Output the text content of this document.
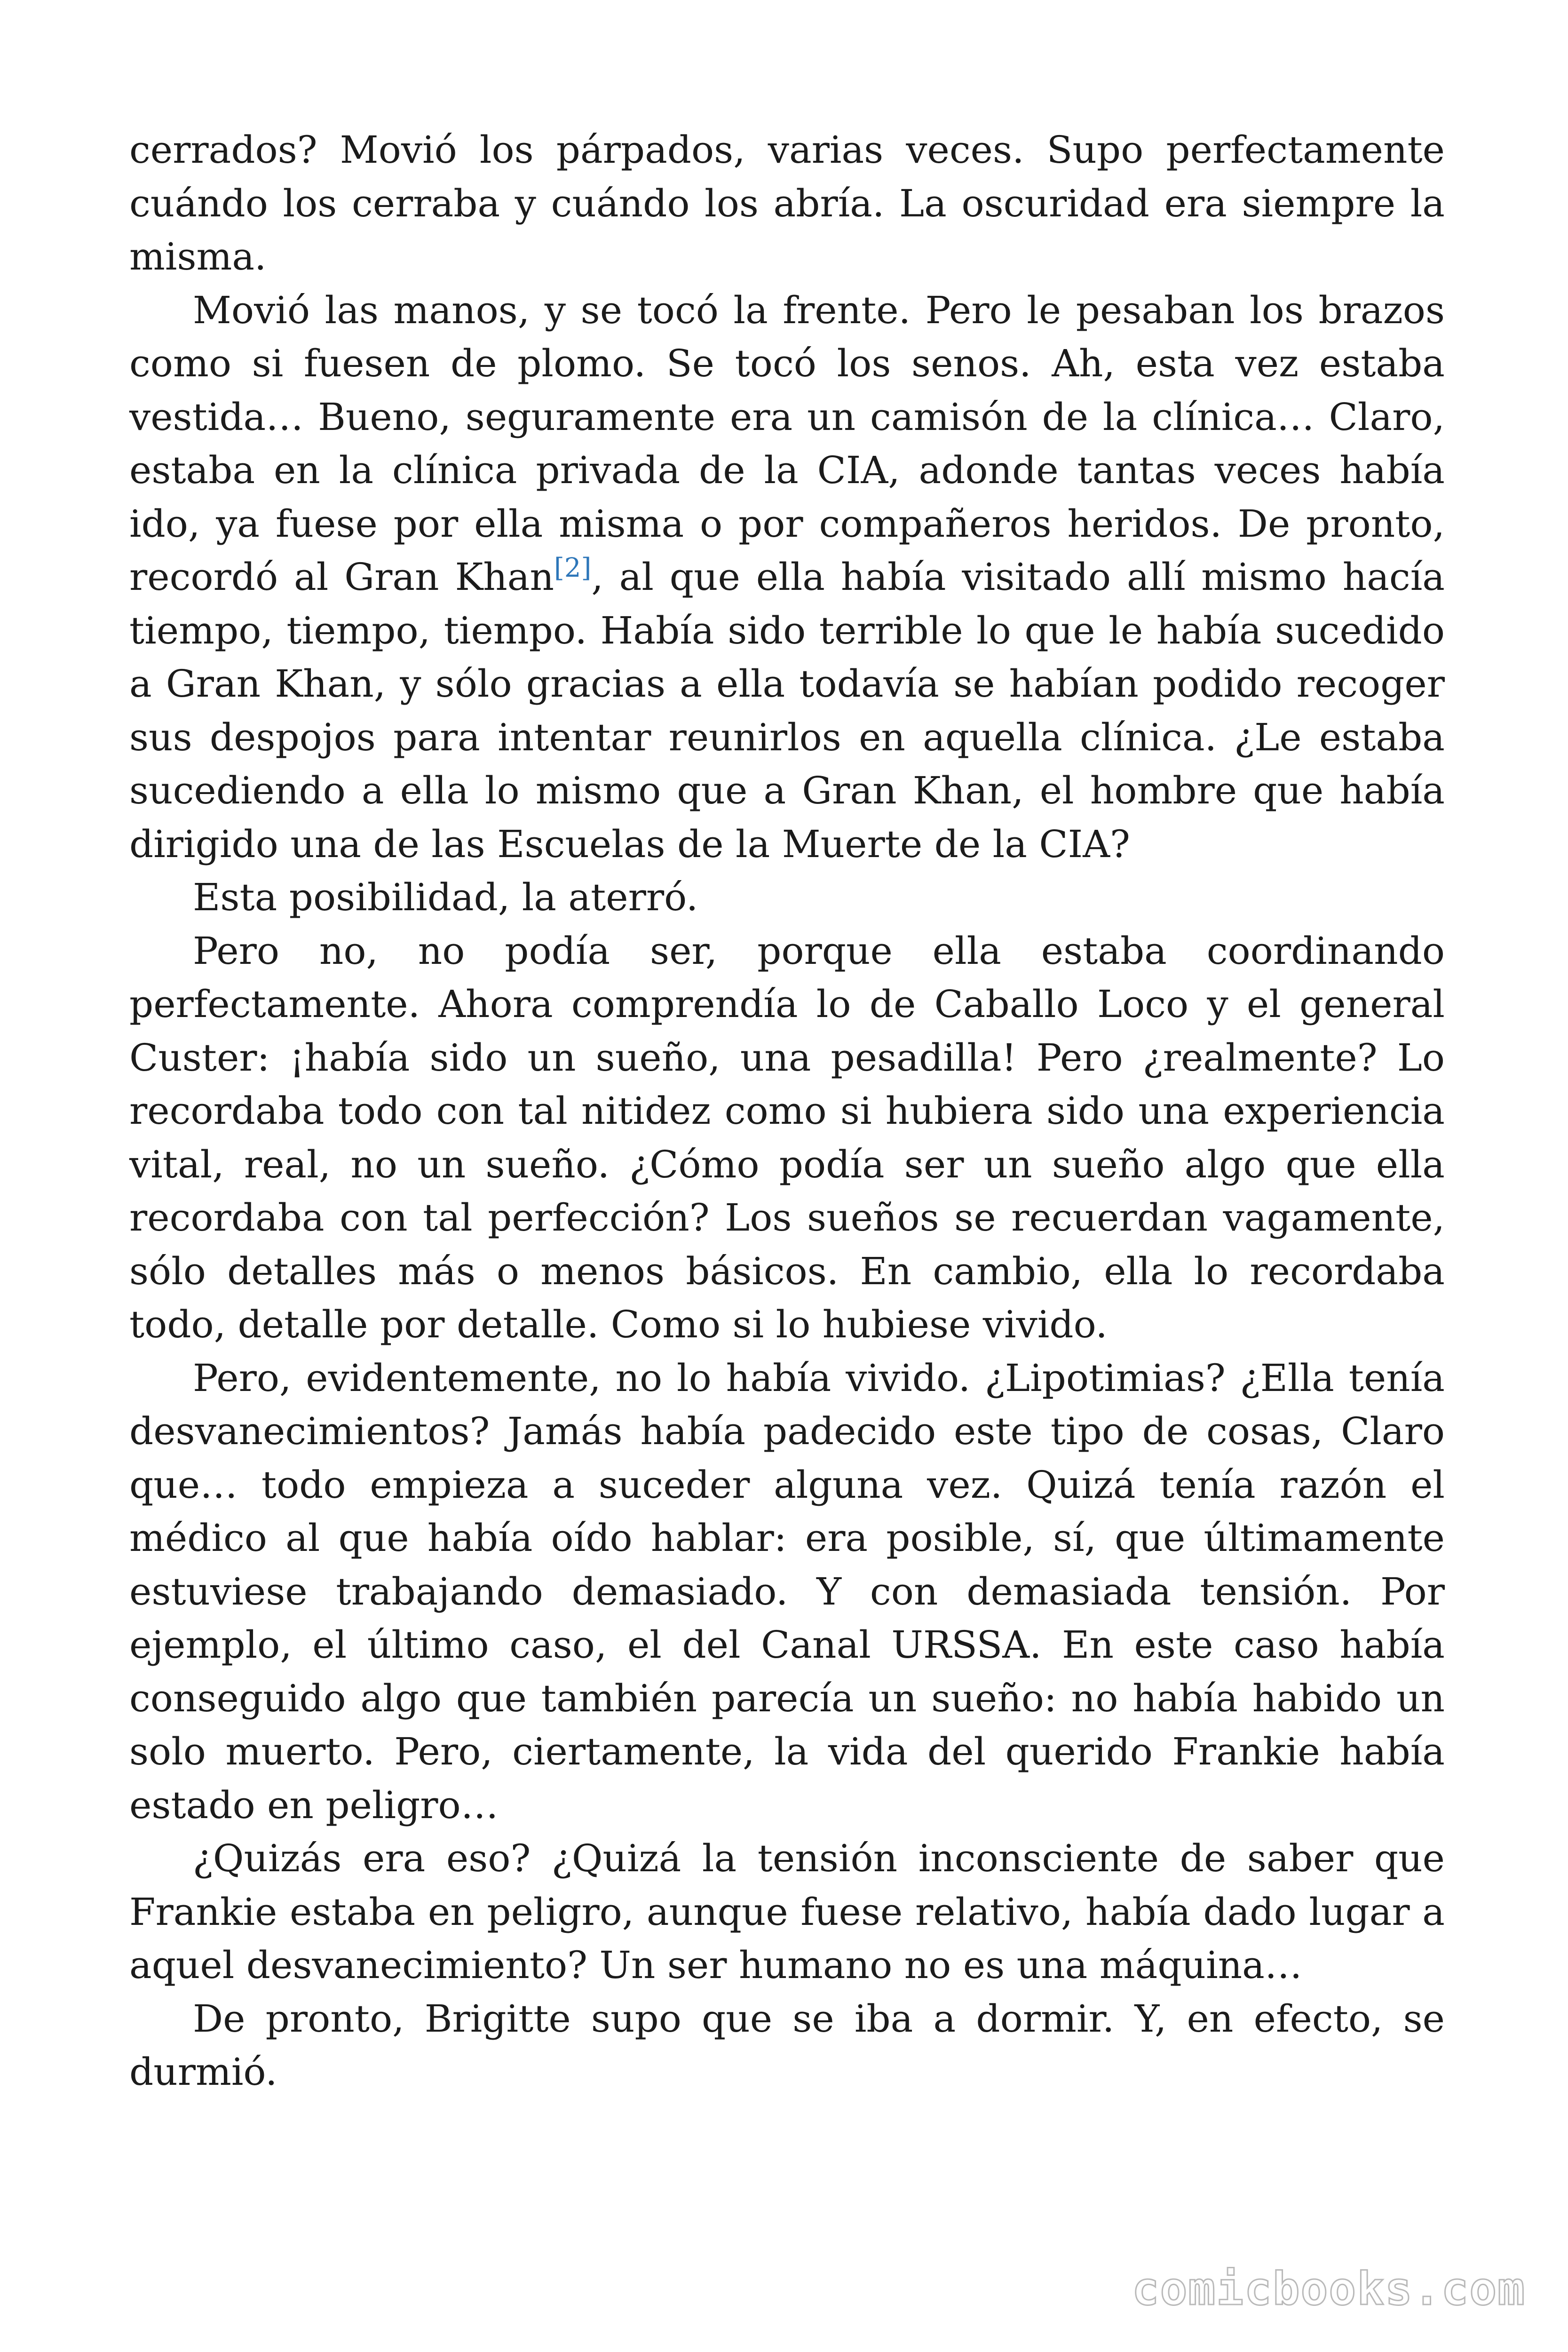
cerrados? Movió los párpados, varias veces. Supo perfectamente cuándo los cerraba y cuándo los abría. La oscuridad era siempre la misma.

Movió las manos, y se tocó la frente. Pero le pesaban los brazos como si fuesen de plomo. Se tocó los senos. Ah, esta vez estaba vestida… Bueno, seguramente era un camisón de la clínica… Claro, estaba en la clínica privada de la CIA, adonde tantas veces había ido, ya fuese por ella misma o por compañeros heridos. De pronto, recordó al Gran Khan[2], al que ella había visitado allí mismo hacía tiempo, tiempo, tiempo. Había sido terrible lo que le había sucedido a Gran Khan, y sólo gracias a ella todavía se habían podido recoger sus despojos para intentar reunirlos en aquella clínica. ¿Le estaba sucediendo a ella lo mismo que a Gran Khan, el hombre que había dirigido una de las Escuelas de la Muerte de la CIA?

Esta posibilidad, la aterró.

Pero no, no podía ser, porque ella estaba coordinando perfectamente. Ahora comprendía lo de Caballo Loco y el general Custer: ¡había sido un sueño, una pesadilla! Pero ¿realmente? Lo recordaba todo con tal nitidez como si hubiera sido una experiencia vital, real, no un sueño. ¿Cómo podía ser un sueño algo que ella recordaba con tal perfección? Los sueños se recuerdan vagamente, sólo detalles más o menos básicos. En cambio, ella lo recordaba todo, detalle por detalle. Como si lo hubiese vivido.

Pero, evidentemente, no lo había vivido. ¿Lipotimias? ¿Ella tenía desvanecimientos? Jamás había padecido este tipo de cosas, Claro que… todo empieza a suceder alguna vez. Quizá tenía razón el médico al que había oído hablar: era posible, sí, que últimamente estuviese trabajando demasiado. Y con demasiada tensión. Por ejemplo, el último caso, el del Canal URSSA. En este caso había conseguido algo que también parecía un sueño: no había habido un solo muerto. Pero, ciertamente, la vida del querido Frankie había estado en peligro…

¿Quizás era eso? ¿Quizá la tensión inconsciente de saber que Frankie estaba en peligro, aunque fuese relativo, había dado lugar a aquel desvanecimiento? Un ser humano no es una máquina…

De pronto, Brigitte supo que se iba a dormir. Y, en efecto, se durmió.

comicbooks.com
